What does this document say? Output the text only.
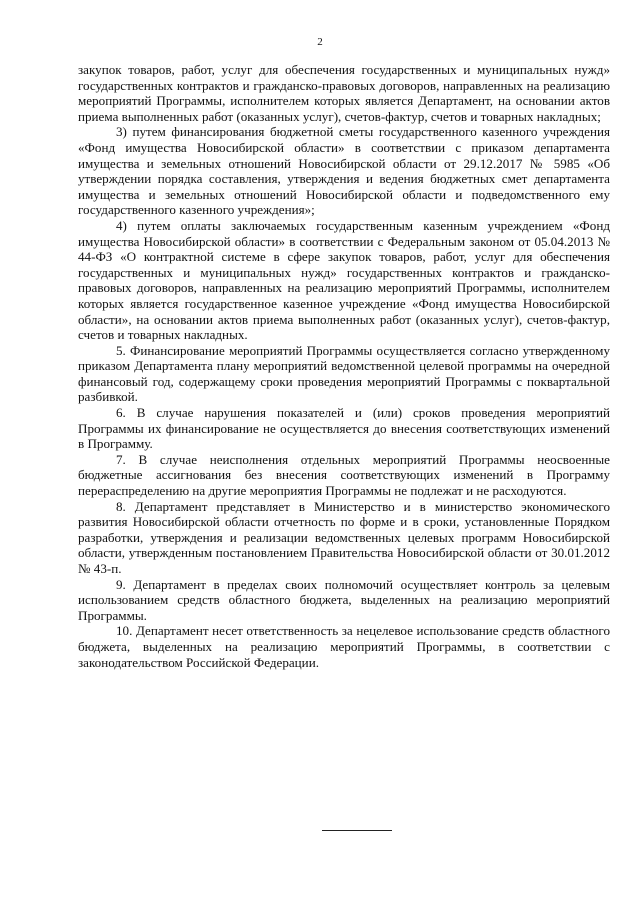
2

закупок товаров, работ, услуг для обеспечения государственных и муниципальных нужд» государственных контрактов и гражданско-правовых договоров, направленных на реализацию мероприятий Программы, исполнителем которых является Департамент, на основании актов приема выполненных работ (оказанных услуг), счетов-фактур, счетов и товарных накладных;

3) путем финансирования бюджетной сметы государственного казенного учреждения «Фонд имущества Новосибирской области» в соответствии с приказом департамента имущества и земельных отношений Новосибирской области от 29.12.2017 № 5985 «Об утверждении порядка составления, утверждения и ведения бюджетных смет департамента имущества и земельных отношений Новосибирской области и подведомственного ему государственного казенного учреждения»;

4) путем оплаты заключаемых государственным казенным учреждением «Фонд имущества Новосибирской области» в соответствии с Федеральным законом от 05.04.2013 № 44-ФЗ «О контрактной системе в сфере закупок товаров, работ, услуг для обеспечения государственных и муниципальных нужд» государственных контрактов и гражданско-правовых договоров, направленных на реализацию мероприятий Программы, исполнителем которых является государственное казенное учреждение «Фонд имущества Новосибирской области», на основании актов приема выполненных работ (оказанных услуг), счетов-фактур, счетов и товарных накладных.

5. Финансирование мероприятий Программы осуществляется согласно утвержденному приказом Департамента плану мероприятий ведомственной целевой программы на очередной финансовый год, содержащему сроки проведения мероприятий Программы с поквартальной разбивкой.

6. В случае нарушения показателей и (или) сроков проведения мероприятий Программы их финансирование не осуществляется до внесения соответствующих изменений в Программу.

7. В случае неисполнения отдельных мероприятий Программы неосвоенные бюджетные ассигнования без внесения соответствующих изменений в Программу перераспределению на другие мероприятия Программы не подлежат и не расходуются.

8. Департамент представляет в Министерство и в министерство экономического развития Новосибирской области отчетность по форме и в сроки, установленные Порядком разработки, утверждения и реализации ведомственных целевых программ Новосибирской области, утвержденным постановлением Правительства Новосибирской области от 30.01.2012 № 43-п.

9. Департамент в пределах своих полномочий осуществляет контроль за целевым использованием средств областного бюджета, выделенных на реализацию мероприятий Программы.

10. Департамент несет ответственность за нецелевое использование средств областного бюджета, выделенных на реализацию мероприятий Программы, в соответствии с законодательством Российской Федерации.
